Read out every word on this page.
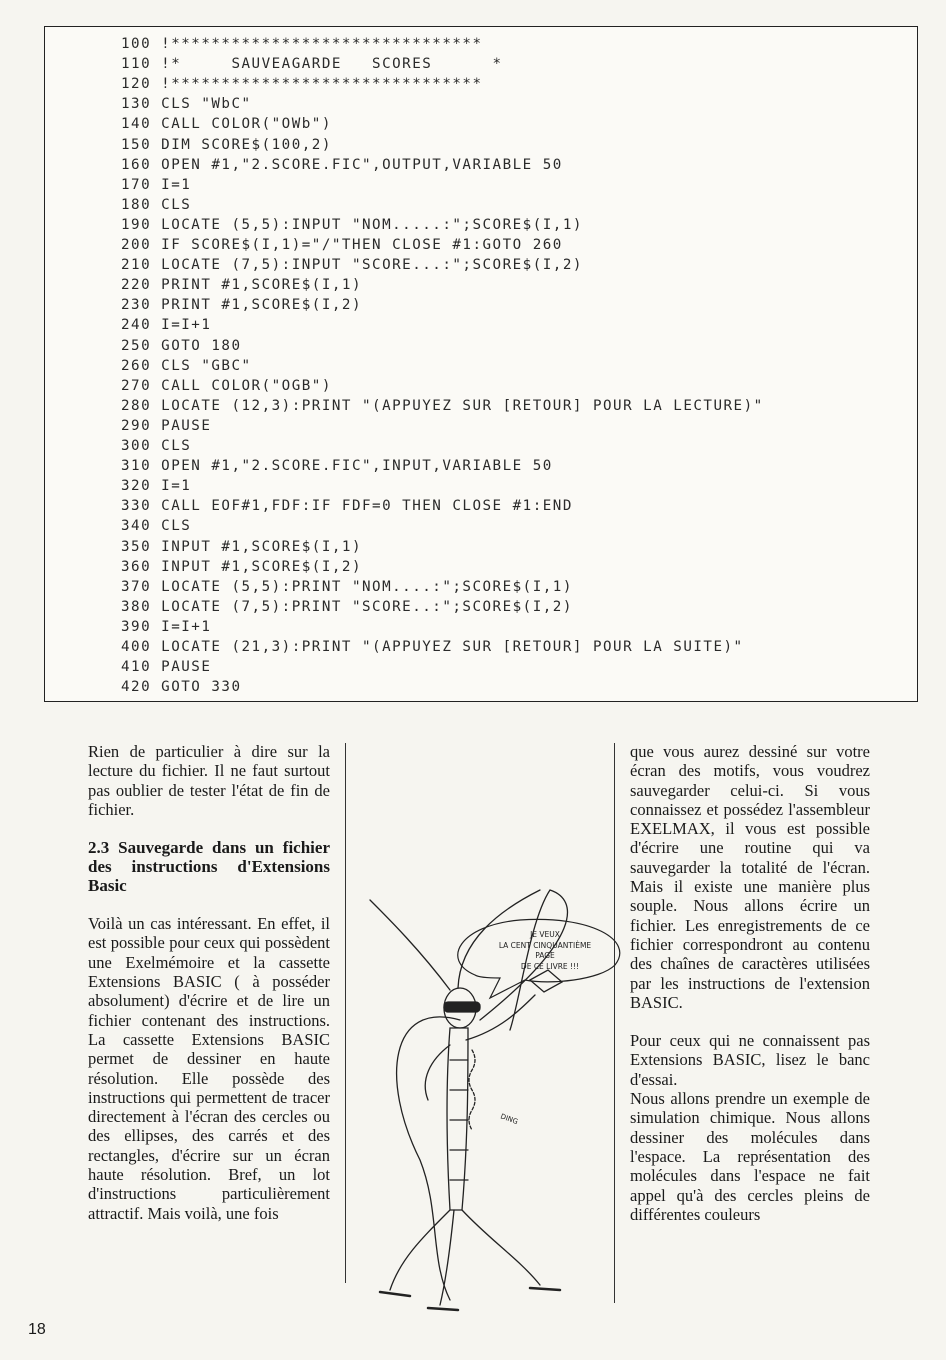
100 !*******************************
110 !*     SAUVEAGARDE   SCORES      *
120 !*******************************
130 CLS "WbC"
140 CALL COLOR("OWb")
150 DIM SCORE$(100,2)
160 OPEN #1,"2.SCORE.FIC",OUTPUT,VARIABLE 50
170 I=1
180 CLS
190 LOCATE (5,5):INPUT "NOM.....:";SCORE$(I,1)
200 IF SCORE$(I,1)="/"THEN CLOSE #1:GOTO 260
210 LOCATE (7,5):INPUT "SCORE...:";SCORE$(I,2)
220 PRINT #1,SCORE$(I,1)
230 PRINT #1,SCORE$(I,2)
240 I=I+1
250 GOTO 180
260 CLS "GBC"
270 CALL COLOR("OGB")
280 LOCATE (12,3):PRINT "(APPUYEZ SUR [RETOUR] POUR LA LECTURE)"
290 PAUSE
300 CLS
310 OPEN #1,"2.SCORE.FIC",INPUT,VARIABLE 50
320 I=1
330 CALL EOF#1,FDF:IF FDF=0 THEN CLOSE #1:END
340 CLS
350 INPUT #1,SCORE$(I,1)
360 INPUT #1,SCORE$(I,2)
370 LOCATE (5,5):PRINT "NOM....:";SCORE$(I,1)
380 LOCATE (7,5):PRINT "SCORE..:";SCORE$(I,2)
390 I=I+1
400 LOCATE (21,3):PRINT "(APPUYEZ SUR [RETOUR] POUR LA SUITE)"
410 PAUSE
420 GOTO 330

Rien de particulier à dire sur la lecture du fichier. Il ne faut surtout pas oublier de tester l'état de fin de fichier.

2.3 Sauvegarde dans un fichier des instructions d'Extensions Basic

Voilà un cas intéressant. En effet, il est possible pour ceux qui possèdent une Exelmémoire et la cassette Extensions BASIC ( à posséder absolument) d'écrire et de lire un fichier contenant des instructions. La cassette Extensions BASIC permet de dessiner en haute résolution. Elle possède des instructions qui permettent de tracer directement à l'écran des cercles ou des ellipses, des carrés et des rectangles, d'écrire sur un écran haute résolution. Bref, un lot d'instructions particulièrement attractif. Mais voilà, une fois

que vous aurez dessiné sur votre écran des motifs, vous voudrez sauvegarder celui-ci. Si vous connaissez et possédez l'assembleur EXELMAX, il vous est possible d'écrire une routine qui va sauvegarder la totalité de l'écran. Mais il existe une manière plus souple. Nous allons écrire un fichier. Les enregistrements de ce fichier correspondront au contenu des chaînes de caractères utilisées par les instructions de l'extension BASIC.

Pour ceux qui ne connaissent pas Extensions BASIC, lisez le banc d'essai.

Nous allons prendre un exemple de simulation chimique. Nous allons dessiner des molécules dans l'espace. La représentation des molécules dans l'espace ne fait appel qu'à des cercles pleins de différentes couleurs

JE VEUX
LA CENT CINQUANTIÈME
PAGE
DE CE LIVRE !!!
DING
18
